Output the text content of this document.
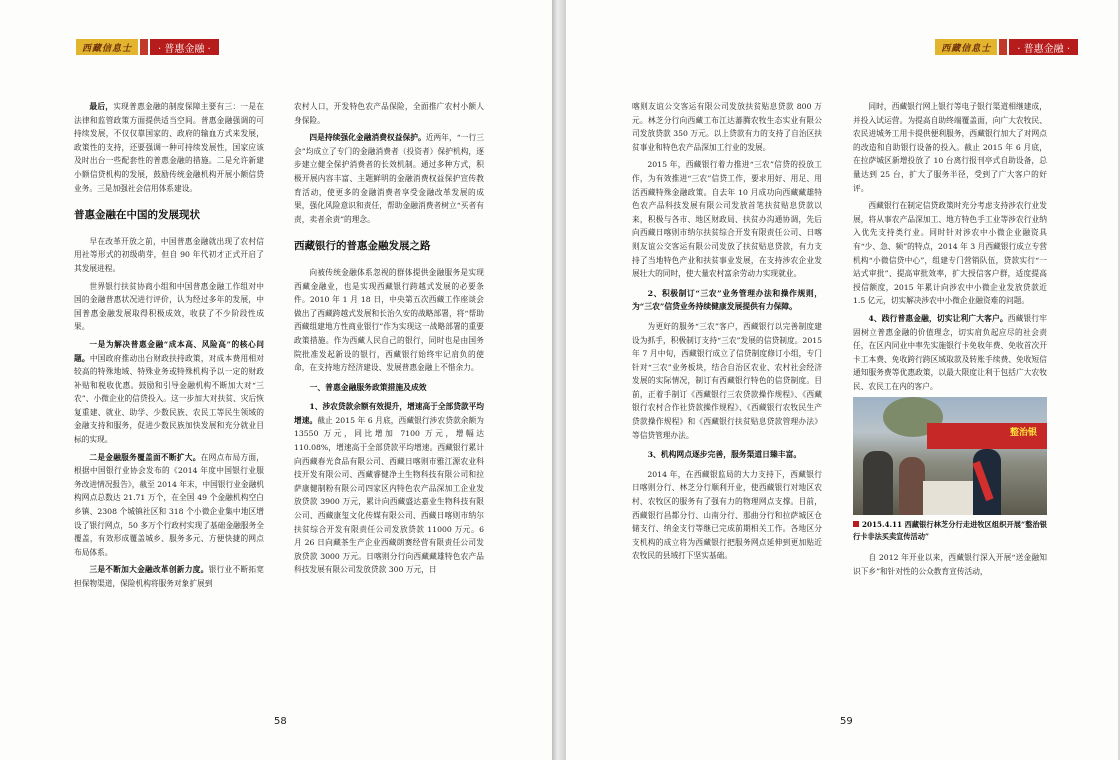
西藏信息士	· 普惠金融 ·

最后，实现普惠金融的制度保障主要有三：一是在法律和监管政策方面提供适当空间。普惠金融强调的可持续发展，不仅仅靠国家的、政府的输血方式来发展，政策性的支持，还要强调一种可持续发展性，国家应该及时出台一些配套性的普惠金融的措施。二是允许新建小额信贷机构的发展，鼓励传统金融机构开展小额信贷业务。三是加强社会信用体系建设。

普惠金融在中国的发展现状

早在改革开放之前，中国普惠金融就出现了农村信用社等形式的初级萌芽，但自 90 年代初才正式开启了其发展进程。

世界银行扶贫协商小组和中国普惠金融工作组对中国的金融普惠状况进行评价，认为经过多年的发展，中国普惠金融发展取得积极成效，收获了不少阶段性成果。

一是为解决普惠金融“成本高、风险高”的核心问题。中国政府推动出台财政扶持政策，对成本费用相对较高的特殊地域、特殊业务或特殊机构予以一定的财政补贴和税收优惠。鼓励和引导金融机构不断加大对“三农”、小微企业的信贷投入。这一步加大对扶贫、灾后恢复重建、就业、助学、少数民族、农民工等民生领域的金融支持和服务，促进少数民族加快发展和充分就业目标的实现。

二是金融服务覆盖面不断扩大。在网点布局方面，根据中国银行业协会发布的《2014 年度中国银行业服务改进情况报告》，截至 2014 年末，中国银行业金融机构网点总数达 21.71 万个，在全国 49 个金融机构空白乡镇、2308 个城镇社区和 318 个小微企业集中地区增设了银行网点，50 多万个行政村实现了基础金融服务全覆盖，有效形成覆盖城乡、服务多元、方便快捷的网点布局体系。

三是不断加大金融改革创新力度。银行业不断拓宽担保物渠道，保险机构将服务对象扩展到

农村人口，开发特色农产品保险，全面推广农村小额人身保险。

四是持续强化金融消费权益保护。近两年，“一行三会”均成立了专门的金融消费者（投资者）保护机构，逐步建立健全保护消费者的长效机制。通过多种方式，积极开展内容丰富、主题鲜明的金融消费权益保护宣传教育活动，使更多的金融消费者享受金融改革发展的成果，强化风险意识和责任，帮助金融消费者树立“买者有责，卖者余责”的理念。

西藏银行的普惠金融发展之路

向被传统金融体系忽视的群体提供金融服务是实现西藏金融业，也是实现西藏银行跨越式发展的必要条件。2010 年 1 月 18 日，中央第五次西藏工作座谈会做出了西藏跨越式发展和长治久安的战略部署，将“帮助西藏组建地方性商业银行”作为实现这一战略部署的重要政策措施。作为西藏人民自己的银行，同时也是由国务院批准发起新设的银行，西藏银行始终牢记肩负的使命，在支持地方经济建设、发展普惠金融上不惜余力。

一、普惠金融服务政策措施及成效

1、涉农贷款余额有效提升，增速高于全部贷款平均增速。截止 2015 年 6 月底，西藏银行涉农贷款余额为 13550 万元，同比增加 7100 万元，增幅达 110.08%，增速高于全部贷款平均增速。西藏银行累计向西藏春光食品有限公司、西藏日喀则市雅江源农业科技开发有限公司、西藏睿健净土生物科技有限公司和拉萨康健制粉有限公司四家区内特色农产品深加工企业发放贷款 3900 万元，累计向西藏盛达嘉业生物科技有限公司、西藏康玺文化传媒有限公司、西藏日喀则市纳尔扶贫综合开发有限责任公司发放贷款 11000 万元。6 月 26 日向藏茶生产企业西藏朗赛经营有限责任公司发放贷款 3000 万元。日喀则分行向西藏藏雄特色农产品科技发展有限公司发放贷款 300 万元，日

58
西藏信息士	· 普惠金融 ·

喀则友谊公交客运有限公司发放扶贫贴息贷款 800 万元。林芝分行向西藏工布江达蕃腾农牧生态实业有限公司发放贷款 350 万元。以上贷款有力的支持了自治区扶贫事业和特色农产品深加工行业的发展。

2015 年，西藏银行着力推进“三农”信贷的投放工作，为有效推进“三农”信贷工作，要求用好、用足、用活西藏特殊金融政策。自去年 10 月成功向西藏藏雄特色农产品科技发展有限公司发放首笔扶贫贴息贷款以来，积极与各市、地区财政局、扶贫办沟通协调，先后向西藏日喀则市纳尔扶贫综合开发有限责任公司、日喀则友谊公交客运有限公司发放了扶贫贴息贷款，有力支持了当地特色产业和扶贫事业发展，在支持涉农企业发展壮大的同时，使大量农村富余劳动力实现就业。

2、积极制订“三农”业务管理办法和操作规则，为“三农”信贷业务持续健康发展提供有力保障。

为更好的服务“三农”客户，西藏银行以完善制度建设为抓手，积极制订支持“三农”发展的信贷制度。2015 年 7 月中旬，西藏银行成立了信贷制度修订小组，专门针对“三农”业务板块，结合自治区农业、农村社会经济发展的实际情况，制订有西藏银行特色的信贷制度。目前，正着手制订《西藏银行三农贷款操作规程》、《西藏银行农村合作社贷款操作规程》、《西藏银行农牧民生产贷款操作规程》和《西藏银行扶贫贴息贷款管理办法》等信贷管理办法。

3、机构网点逐步完善，服务渠道日臻丰富。

2014 年，在西藏银监局的大力支持下，西藏银行日喀则分行、林芝分行顺利开业，使西藏银行对地区农村、农牧区的服务有了强有力的物理网点支撑。目前，西藏银行昌都分行、山南分行、那曲分行和拉萨城区仓储支行、纳金支行等继已完成前期相关工作。各地区分支机构的成立将为西藏银行把服务网点延伸到更加贴近农牧民的县域打下坚实基础。

同时，西藏银行网上银行等电子银行渠道相继建成，并投入试运营。为提高自助终端覆盖面，向广大农牧民、农民进城务工用卡提供便利服务，西藏银行加大了对网点的改造和自助银行设备的投入。截止 2015 年 6 月底，在拉萨城区新增投放了 10 台离行报刊亭式自助设备，总量达到 25 台，扩大了服务半径，受到了广大客户的好评。

西藏银行在制定信贷政策时充分考虑支持涉农行业发展，将从事农产品深加工、地方特色手工业等涉农行业纳入优先支持类行业。同时针对涉农中小微企业融资具有“少、急、频”的特点，2014 年 3 月西藏银行成立专营机构“小微信贷中心”，组建专门营销队伍，贷款实行“一站式审批”、提高审批效率，扩大授信客户群，适度提高授信额度，2015 年累计向涉农中小微企业发放贷款近 1.5 亿元，切实解决涉农中小微企业融资难的问题。

4、践行普惠金融，切实让利广大客户。西藏银行牢固树立普惠金融的价值理念，切实肩负起应尽的社会责任，在区内同业中率先实施银行卡免收年费、免收首次开卡工本费、免收跨行跨区域取款及转账手续费、免收短信通知服务费等优惠政策，以最大限度让利于包括广大农牧民、农民工在内的客户。

整治银
2015.4.11 西藏银行林芝分行走进牧区组织开展“整治银行卡非法买卖宣传活动”

自 2012 年开业以来，西藏银行深入开展“送金融知识下乡”和针对性的公众教育宣传活动，

59
